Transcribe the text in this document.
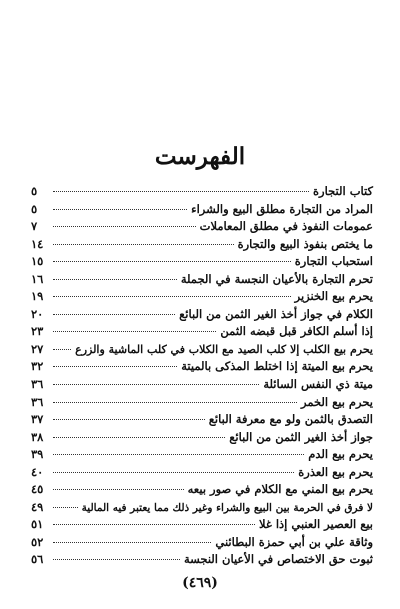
الفهرست
كتاب التجارة
٥
المراد من التجارة مطلق البيع والشراء
٥
عمومات النفوذ في مطلق المعاملات
٧
ما يختص بنفوذ البيع والتجارة
١٤
استحباب التجارة
١٥
تحرم التجارة بالأعيان النجسة في الجملة
١٦
يحرم بيع الخنزير
١٩
الكلام في جواز أخذ الغير الثمن من البائع
٢٠
إذا أسلم الكافر قبل قبضه الثمن
٢٣
يحرم بيع الكلب إلا كلب الصيد مع الكلاب في كلب الماشية والزرع
٢٧
يحرم بيع الميتة إذا اختلط المذكى بالميتة
٣٢
ميتة ذي النفس السائلة
٣٦
يحرم بيع الخمر
٣٦
التصدق بالثمن ولو مع معرفة البائع
٣٧
جواز أخذ الغير الثمن من البائع
٣٨
يحرم بيع الدم
٣٩
يحرم بيع العذرة
٤٠
يحرم بيع المني مع الكلام في صور بيعه
٤٥
لا فرق في الحرمة بين البيع والشراء وغير ذلك مما يعتبر فيه المالية
٤٩
بيع العصير العنبي إذا غلا
٥١
وثاقة علي بن أبي حمزة البطائني
٥٢
ثبوت حق الاختصاص في الأعيان النجسة
٥٦
(٤٦٩)
